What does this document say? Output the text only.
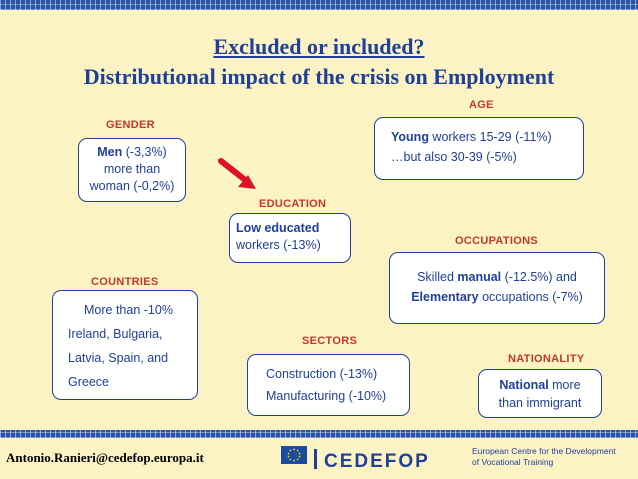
Excluded or included?
Distributional impact of the crisis on Employment
GENDER
Men (-3,3%)
more than
woman (-0,2%)
AGE
Young workers 15-29 (-11%)
…but also 30-39 (-5%)
EDUCATION
Low educated
workers (-13%)	OCCUPATIONS
Skilled manual (-12.5%) and
Elementary occupations (-7%)
COUNTRIES
More than -10%
Ireland, Bulgaria,
Latvia, Spain, and
Greece
SECTORS
Construction (-13%)
Manufacturing (-10%)
NATIONALITY
National more
than immigrant
Antonio.Ranieri@cedefop.europa.it	CEDEFOP	European Centre for the Development
of Vocational Training
